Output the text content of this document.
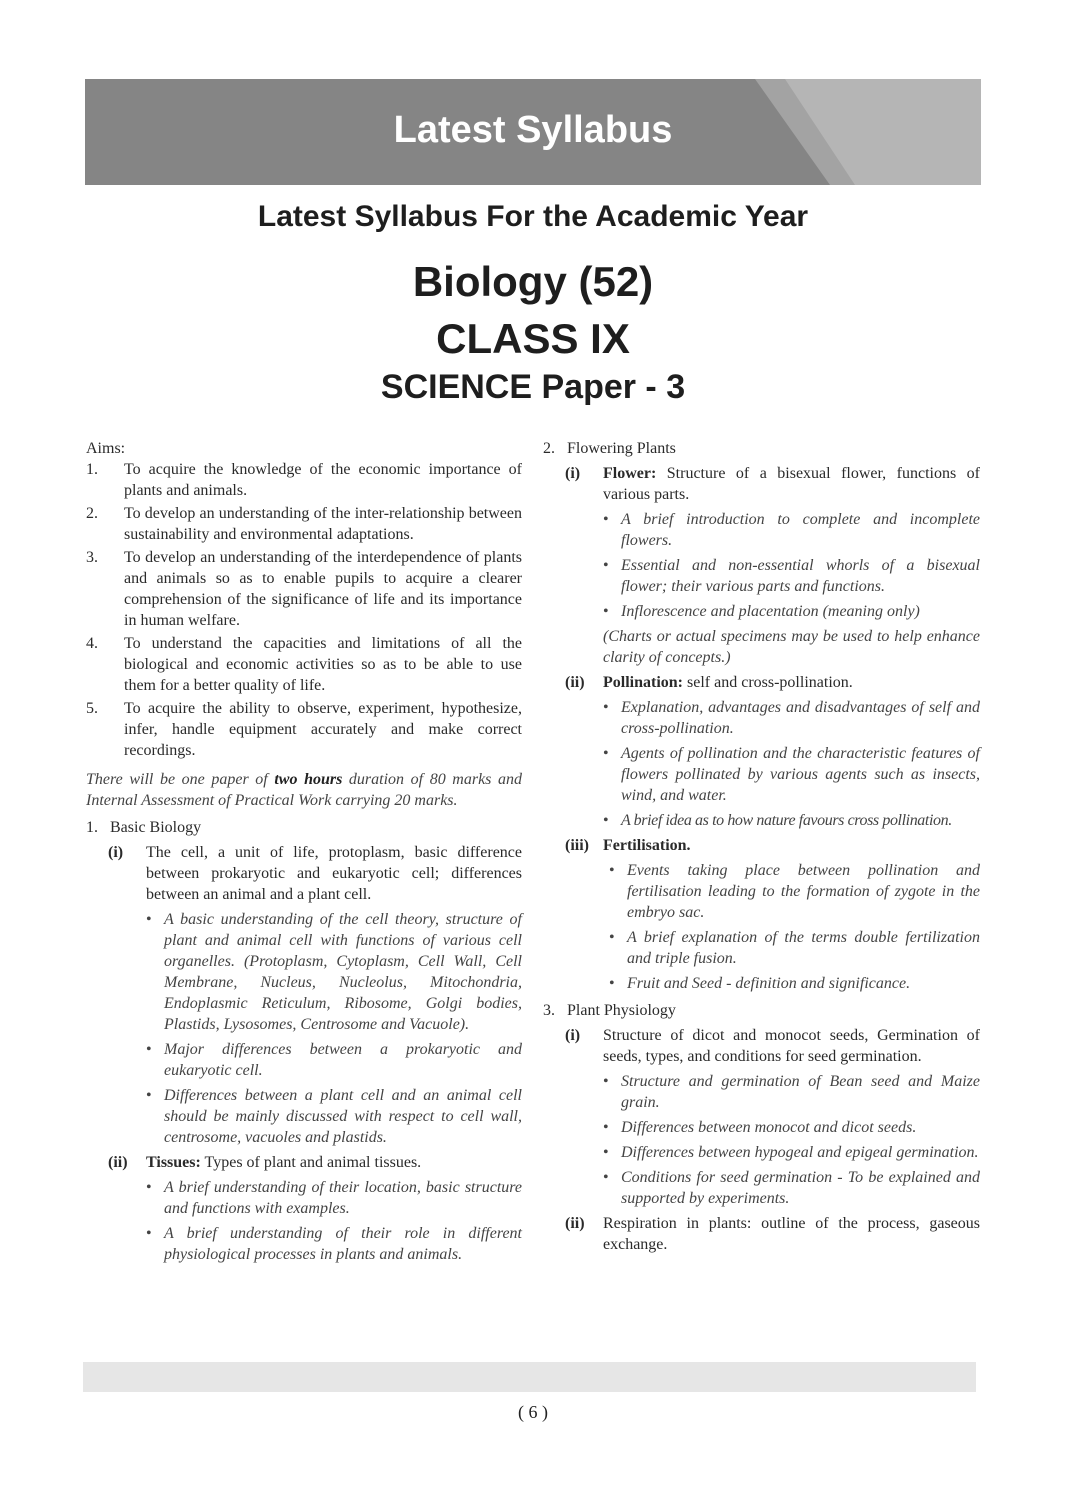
Latest Syllabus
Latest Syllabus For the Academic Year
Biology (52)
CLASS IX
SCIENCE Paper - 3
Aims:
1.	To acquire the knowledge of the economic importance of plants and animals.
2.	To develop an understanding of the inter-relationship between sustainability and environmental adaptations.
3.	To develop an understanding of the interdependence of plants and animals so as to enable pupils to acquire a clearer comprehension of the significance of life and its importance in human welfare.
4.	To understand the capacities and limitations of all the biological and economic activities so as to be able to use them for a better quality of life.
5.	To acquire the ability to observe, experiment, hypothesize, infer, handle equipment accurately and make correct recordings.
There will be one paper of two hours duration of 80 marks and Internal Assessment of Practical Work carrying 20 marks.
1. Basic Biology
(i)	The cell, a unit of life, protoplasm, basic difference between prokaryotic and eukaryotic cell; differences between an animal and a plant cell.
• A basic understanding of the cell theory, structure of plant and animal cell with functions of various cell organelles. (Protoplasm, Cytoplasm, Cell Wall, Cell Membrane, Nucleus, Nucleolus, Mitochondria, Endoplasmic Reticulum, Ribosome, Golgi bodies, Plastids, Lysosomes, Centrosome and Vacuole).
• Major differences between a prokaryotic and eukaryotic cell.
• Differences between a plant cell and an animal cell should be mainly discussed with respect to cell wall, centrosome, vacuoles and plastids.
(ii)	Tissues: Types of plant and animal tissues.
• A brief understanding of their location, basic structure and functions with examples.
• A brief understanding of their role in different physiological processes in plants and animals.
2. Flowering Plants
(i)	Flower: Structure of a bisexual flower, functions of various parts.
• A brief introduction to complete and incomplete flowers.
• Essential and non-essential whorls of a bisexual flower; their various parts and functions.
• Inflorescence and placentation (meaning only)
(Charts or actual specimens may be used to help enhance clarity of concepts.)
(ii)	Pollination: self and cross-pollination.
• Explanation, advantages and disadvantages of self and cross-pollination.
• Agents of pollination and the characteristic features of flowers pollinated by various agents such as insects, wind, and water.
• A brief idea as to how nature favours cross pollination.
(iii) Fertilisation.
• Events taking place between pollination and fertilisation leading to the formation of zygote in the embryo sac.
• A brief explanation of the terms double fertilization and triple fusion.
• Fruit and Seed - definition and significance.
3. Plant Physiology
(i)	Structure of dicot and monocot seeds, Germination of seeds, types, and conditions for seed germination.
• Structure and germination of Bean seed and Maize grain.
• Differences between monocot and dicot seeds.
• Differences between hypogeal and epigeal germination.
• Conditions for seed germination - To be explained and supported by experiments.
(ii)	Respiration in plants: outline of the process, gaseous exchange.
( 6 )
